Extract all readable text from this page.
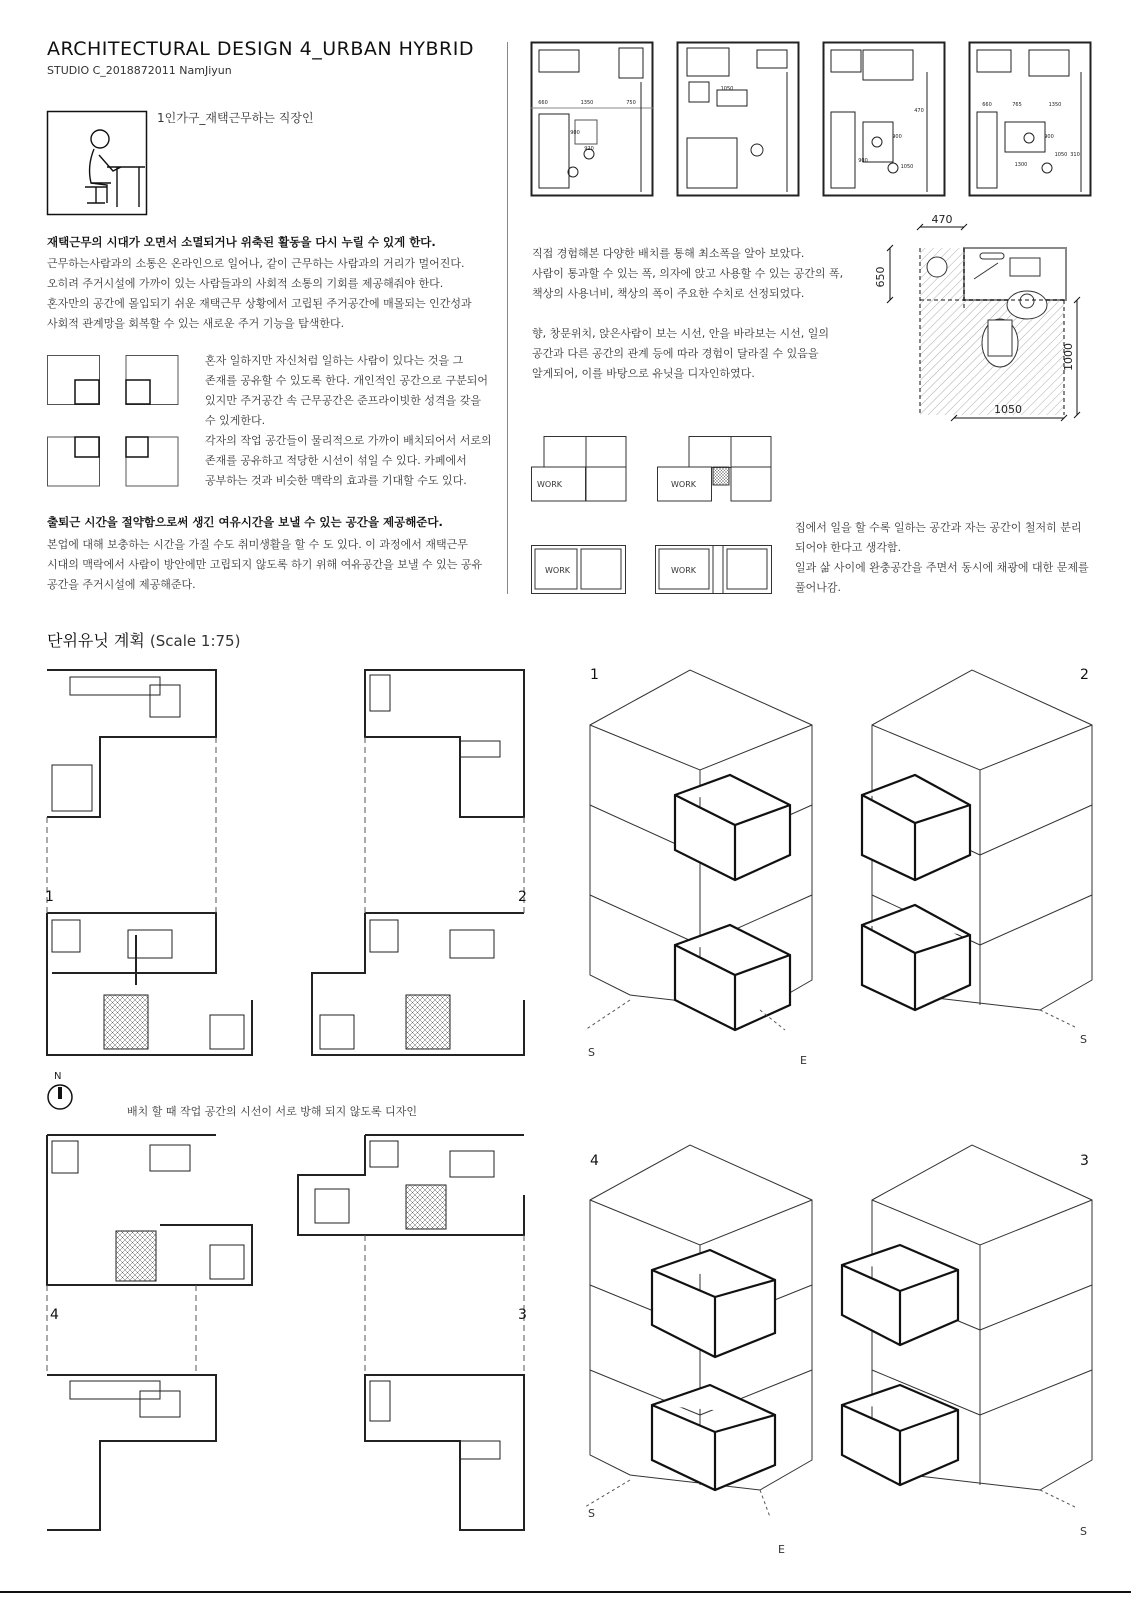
ARCHITECTURAL DESIGN 4_URBAN HYBRID
STUDIO C_2018872011 NamJiyun
1인가구_재택근무하는 직장인
재택근무의 시대가 오면서 소멸되거나 위축된 활동을 다시 누릴 수 있게 한다.
근무하는사람과의 소통은 온라인으로 일어나, 같이 근무하는 사람과의 거리가 멀어진다.
오히려 주거시설에 가까이 있는 사람들과의 사회적 소통의 기회를 제공해줘야 한다.
혼자만의 공간에 몰입되기 쉬운 재택근무 상황에서 고립된 주거공간에 매몰되는 인간성과
사회적 관계망을 회복할 수 있는 새로운 주거 기능을 탐색한다.
혼자 일하지만 자신처럼 일하는 사람이 있다는 것을 그
존재를 공유할 수 있도록 한다. 개인적인 공간으로 구분되어
있지만 주거공간 속 근무공간은 준프라이빗한 성격을 갖을
수 있게한다.
각자의 작업 공간들이 물리적으로 가까이 배치되어서 서로의
존재를 공유하고 적당한 시선이 섞일 수 있다. 카페에서
공부하는 것과 비슷한 맥락의 효과를 기대할 수도 있다.
출퇴근 시간을 절약함으로써 생긴 여유시간을 보낼 수 있는 공간을 제공해준다.
본업에 대해 보충하는 시간을 가질 수도 취미생활을 할 수 도 있다. 이 과정에서 재택근무
시대의 맥락에서 사람이 방안에만 고립되지 않도록 하기 위해 여유공간을 보낼 수 있는 공유
공간을 주거시설에 제공해준다.
660	1350	750
900
920
1050
470
900
900
1050
660	765	1350
900
1050
1300
310
직접 경험해본 다양한 배치를 통해 최소폭을 알아 보았다.
사람이 통과할 수 있는 폭, 의자에 앉고 사용할 수 있는 공간의 폭,
책상의 사용너비, 책상의 폭이 주요한 수치로 선정되었다.
향, 창문위치, 앉은사람이 보는 시선, 안을 바라보는 시선, 일의
공간과 다른 공간의 관계 등에 따라 경험이 달라질 수 있음을
알게되어, 이를 바탕으로 유닛을 디자인하였다.
470
650
1000
1050
WORK	WORK
WORK	WORK
집에서 일을 할 수록 일하는 공간과 자는 공간이 철저히 분리
되어야 한다고 생각함.
일과 삶 사이에 완충공간을 주면서 동시에 채광에 대한 문제를
풀어나감.
단위유닛 계획 (Scale 1:75)
1	2
4	3
N
배치 할 때 작업 공간의 시선이 서로 방해 되지 않도록 디자인
1	2
4	3
S
E
S
S
E
S
